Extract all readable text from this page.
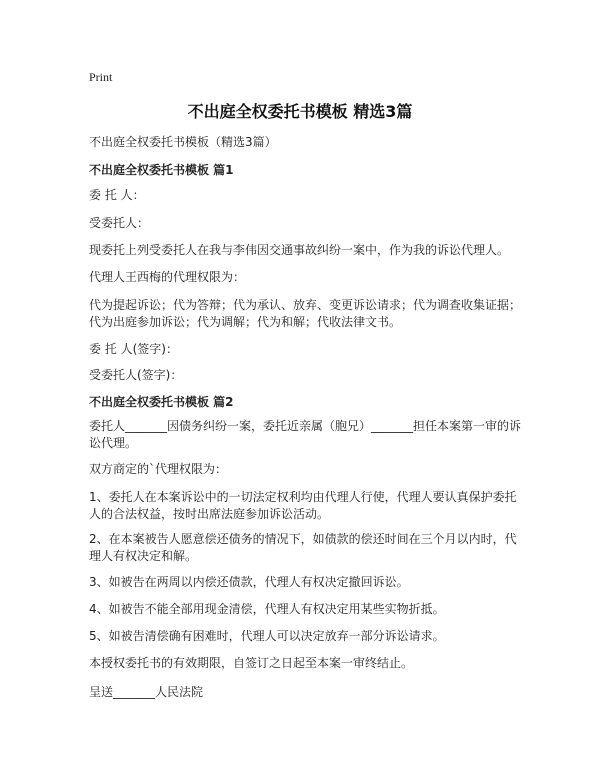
Print
不出庭全权委托书模板 精选3篇
不出庭全权委托书模板（精选3篇）
不出庭全权委托书模板 篇1
委 托 人：
受委托人：
现委托上列受委托人在我与李伟因交通事故纠纷一案中，作为我的诉讼代理人。
代理人王西梅的代理权限为：
代为提起诉讼；代为答辩；代为承认、放弃、变更诉讼请求；代为调查收集证据；
代为出庭参加诉讼；代为调解；代为和解；代收法律文书。
委 托 人(签字)：
受委托人(签字)：
不出庭全权委托书模板 篇2
委托人_______因债务纠纷一案，委托近亲属（胞兄）_______担任本案第一审的诉
讼代理。
双方商定的`代理权限为：
1、委托人在本案诉讼中的一切法定权利均由代理人行使，代理人要认真保护委托
人的合法权益，按时出席法庭参加诉讼活动。
2、在本案被告人愿意偿还债务的情况下，如债款的偿还时间在三个月以内时，代
理人有权决定和解。
3、如被告在两周以内偿还债款，代理人有权决定撤回诉讼。
4、如被告不能全部用现金清偿，代理人有权决定用某些实物折抵。
5、如被告清偿确有困难时，代理人可以决定放弃一部分诉讼请求。
本授权委托书的有效期限，自签订之日起至本案一审终结止。
呈送_______人民法院
